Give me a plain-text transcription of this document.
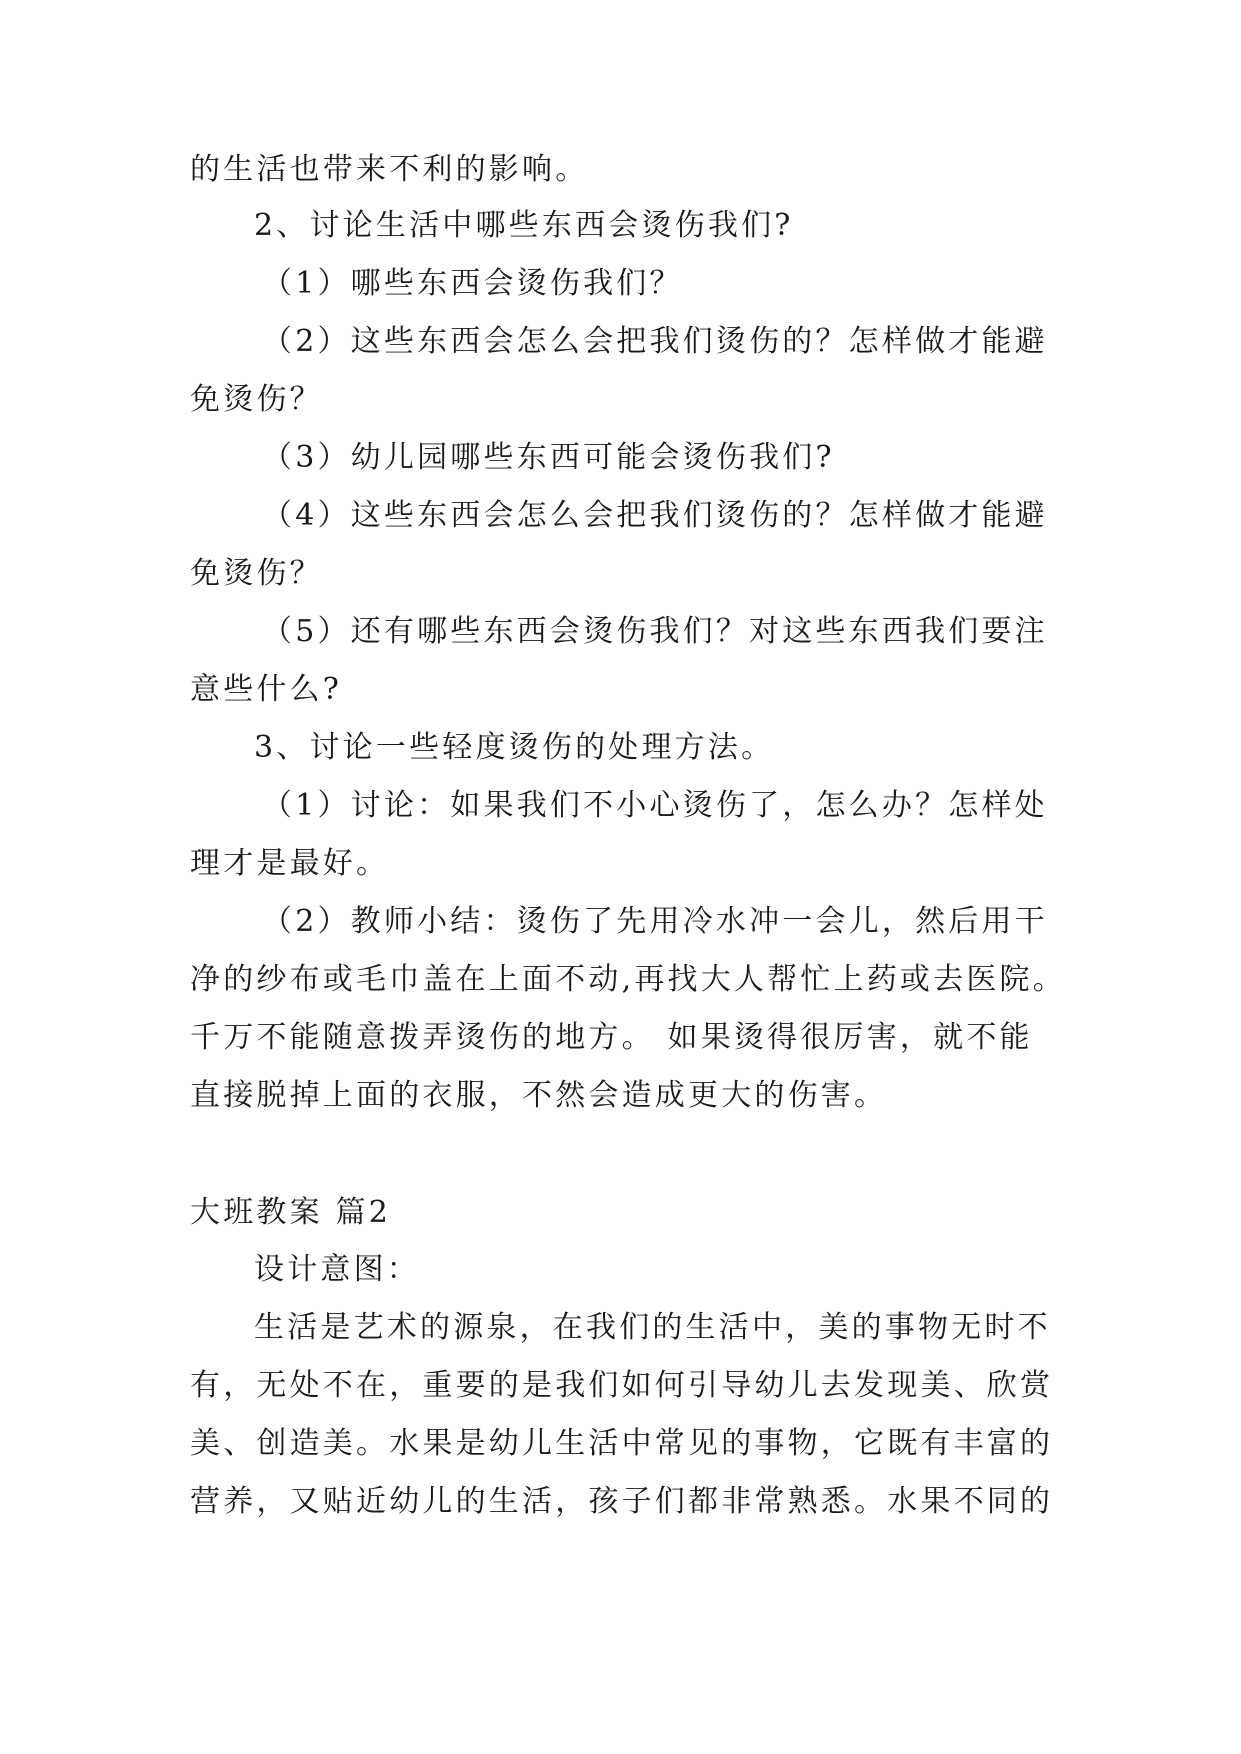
的生活也带来不利的影响。
2、讨论生活中哪些东西会烫伤我们?
（1）哪些东西会烫伤我们？
（2）这些东西会怎么会把我们烫伤的？怎样做才能避
免烫伤？
（3）幼儿园哪些东西可能会烫伤我们?
（4）这些东西会怎么会把我们烫伤的？怎样做才能避
免烫伤？
（5）还有哪些东西会烫伤我们？对这些东西我们要注
意些什么?
3、讨论一些轻度烫伤的处理方法。
（1）讨论：如果我们不小心烫伤了，怎么办？怎样处
理才是最好。
（2）教师小结：烫伤了先用冷水冲一会儿，然后用干
净的纱布或毛巾盖在上面不动,再找大人帮忙上药或去医院。
千万不能随意拨弄烫伤的地方。 如果烫得很厉害，就不能
直接脱掉上面的衣服，不然会造成更大的伤害。
大班教案 篇2
设计意图：
生活是艺术的源泉，在我们的生活中，美的事物无时不
有，无处不在，重要的是我们如何引导幼儿去发现美、欣赏
美、创造美。水果是幼儿生活中常见的事物，它既有丰富的
营养，又贴近幼儿的生活，孩子们都非常熟悉。水果不同的
